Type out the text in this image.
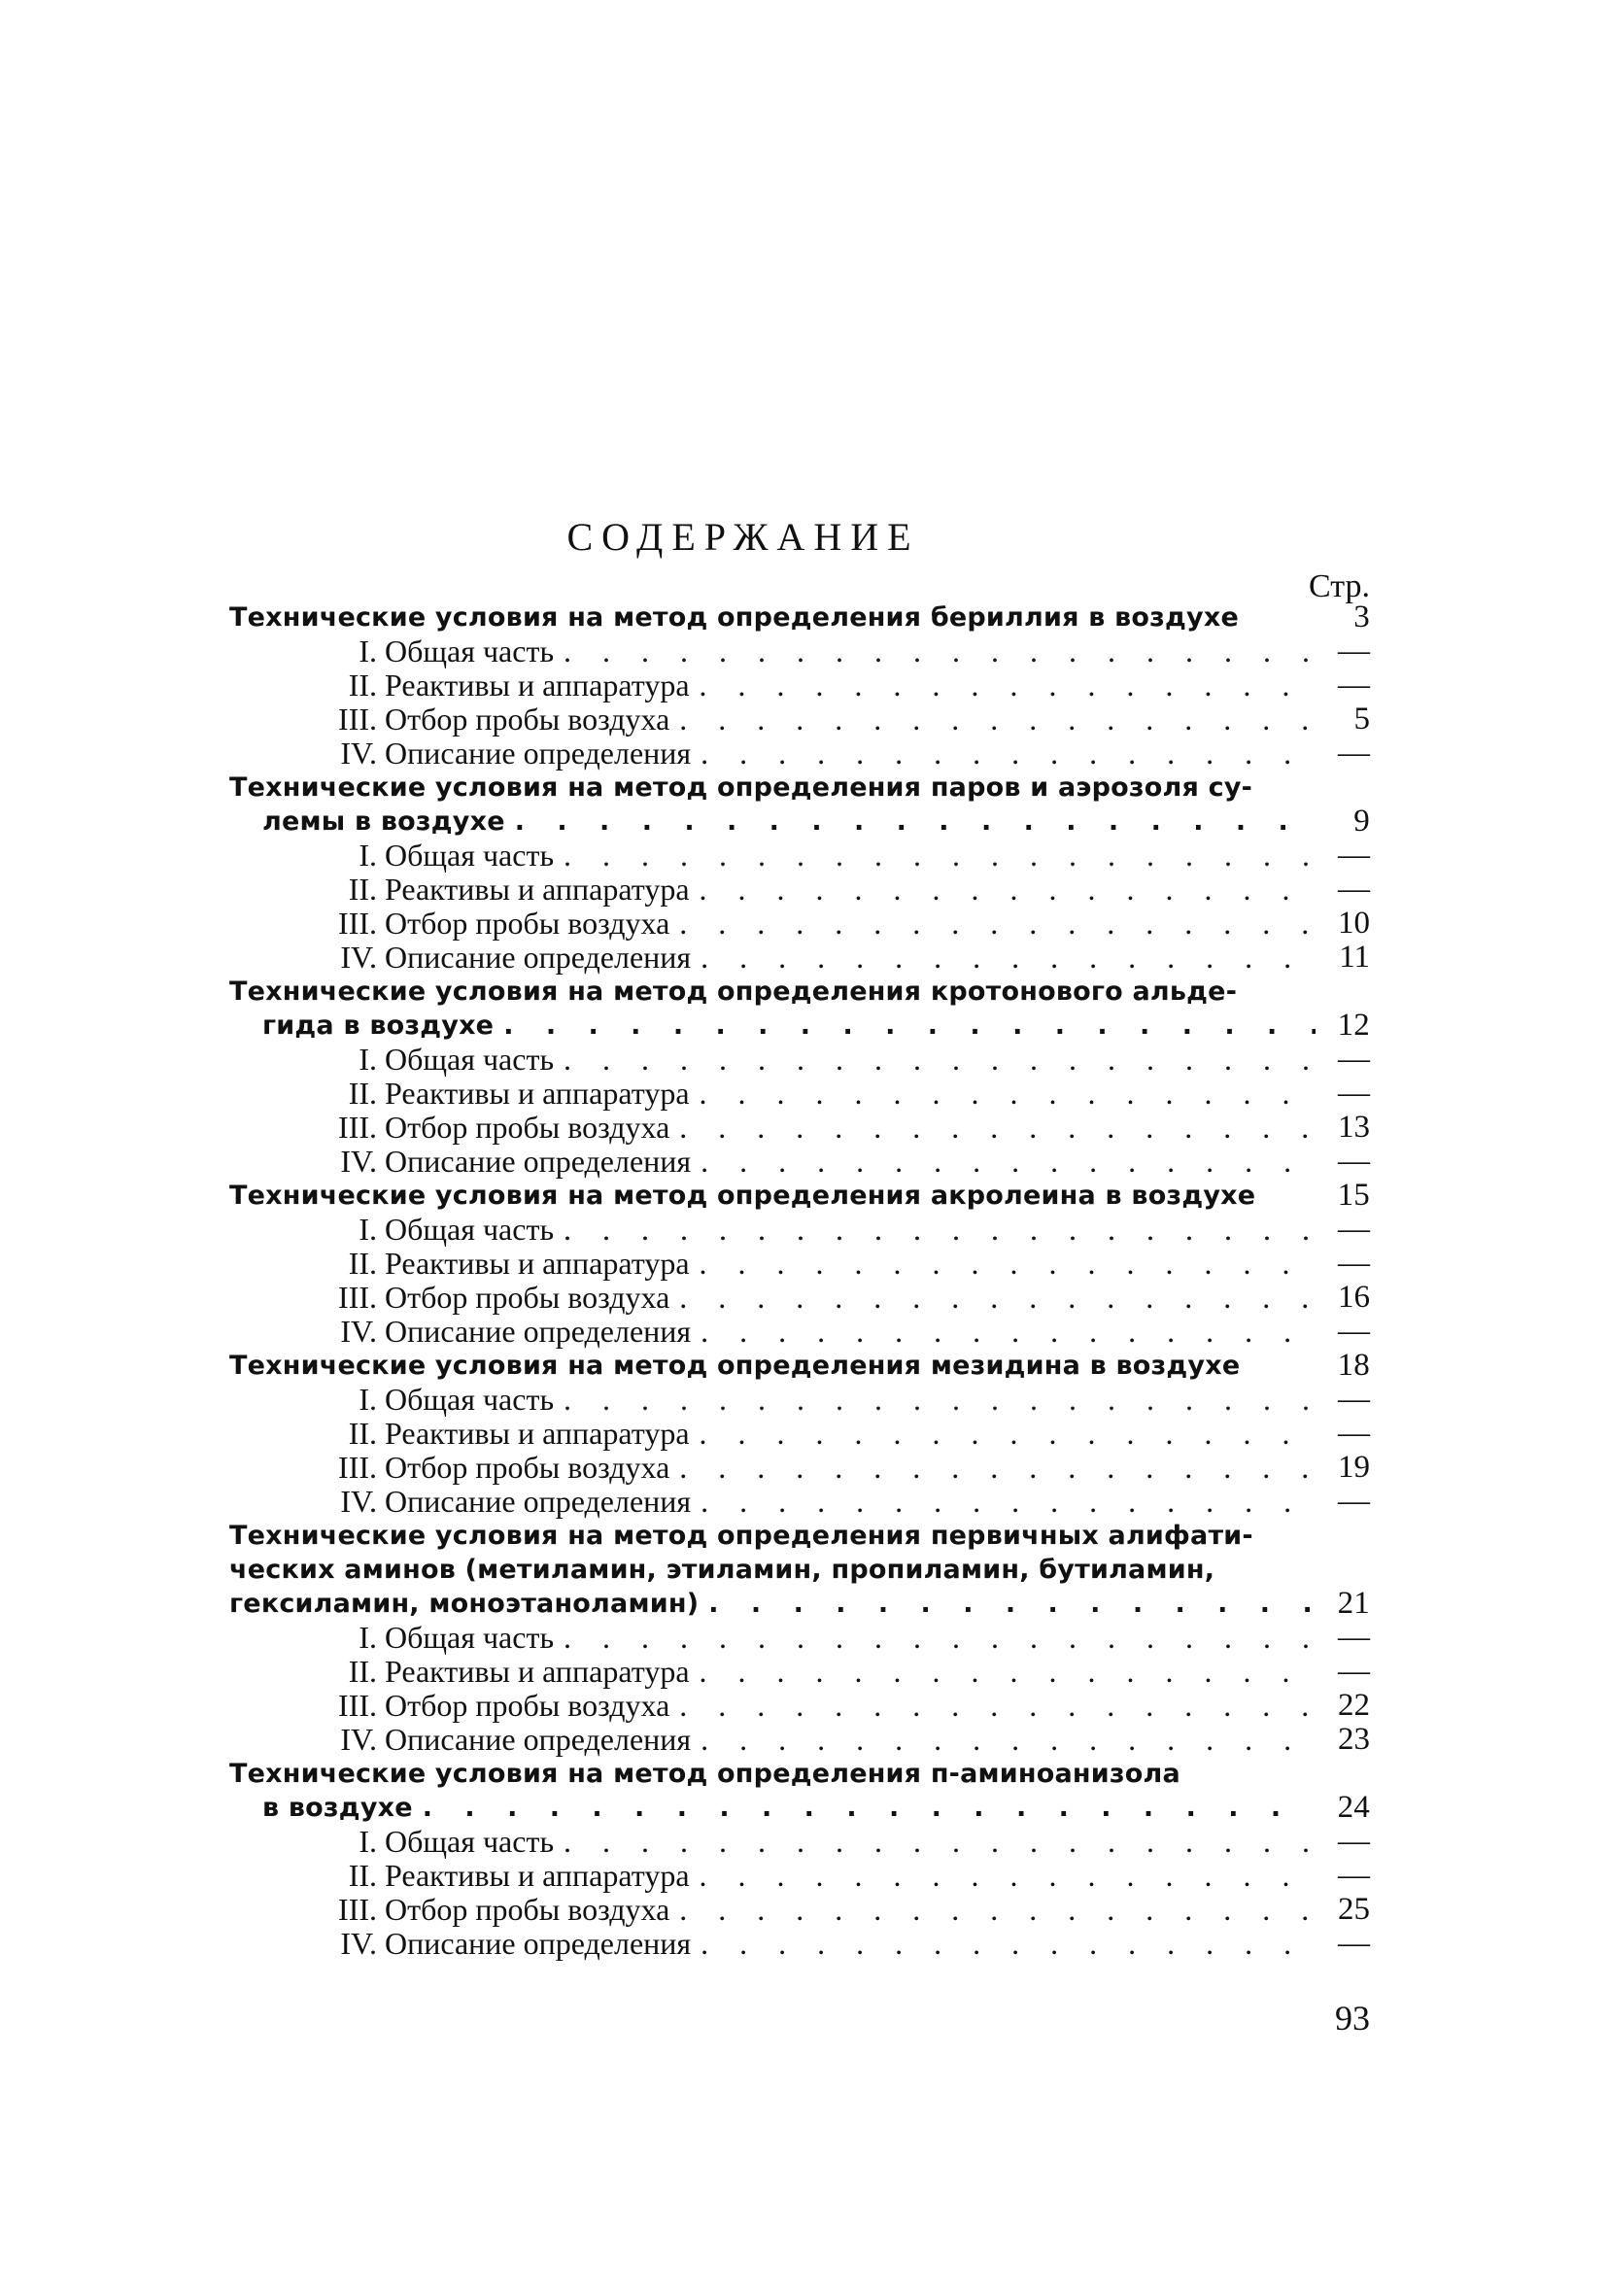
СОДЕРЖАНИЕ
Стр.
Технические условия на метод определения бериллия в воздухе	3
I. Общая часть . . .	—
II. Реактивы и аппаратура . . .	—
III. Отбор пробы воздуха . . .	5
IV. Описание определения . . .	—
Технические условия на метод определения паров и аэрозоля су-
лемы в воздухе . . .	9
I. Общая часть . . .	—
II. Реактивы и аппаратура . . .	—
III. Отбор пробы воздуха . . .	10
IV. Описание определения . . .	11
Технические условия на метод определения кротонового альде-
гида в воздухе . . .	12
I. Общая часть . . .	—
II. Реактивы и аппаратура . . .	—
III. Отбор пробы воздуха . . .	13
IV. Описание определения . . .	—
Технические условия на метод определения акролеина в воздухе	15
I. Общая часть . . .	—
II. Реактивы и аппаратура . . .	—
III. Отбор пробы воздуха . . .	16
IV. Описание определения . . .	—
Технические условия на метод определения мезидина в воздухе	18
I. Общая часть . . .	—
II. Реактивы и аппаратура . . .	—
III. Отбор пробы воздуха . . .	19
IV. Описание определения . . .	—
Технические условия на метод определения первичных алифати-
ческих аминов (метиламин, этиламин, пропиламин, бутиламин,
гексиламин, моноэтаноламин) . . .	21
I. Общая часть . . .	—
II. Реактивы и аппаратура . . .	—
III. Отбор пробы воздуха . . .	22
IV. Описание определения . . .	23
Технические условия на метод определения п-аминоанизола
в воздухе . . .	24
I. Общая часть . . .	—
II. Реактивы и аппаратура . . .	—
III. Отбор пробы воздуха . . .	25
IV. Описание определения . . .	—
93
